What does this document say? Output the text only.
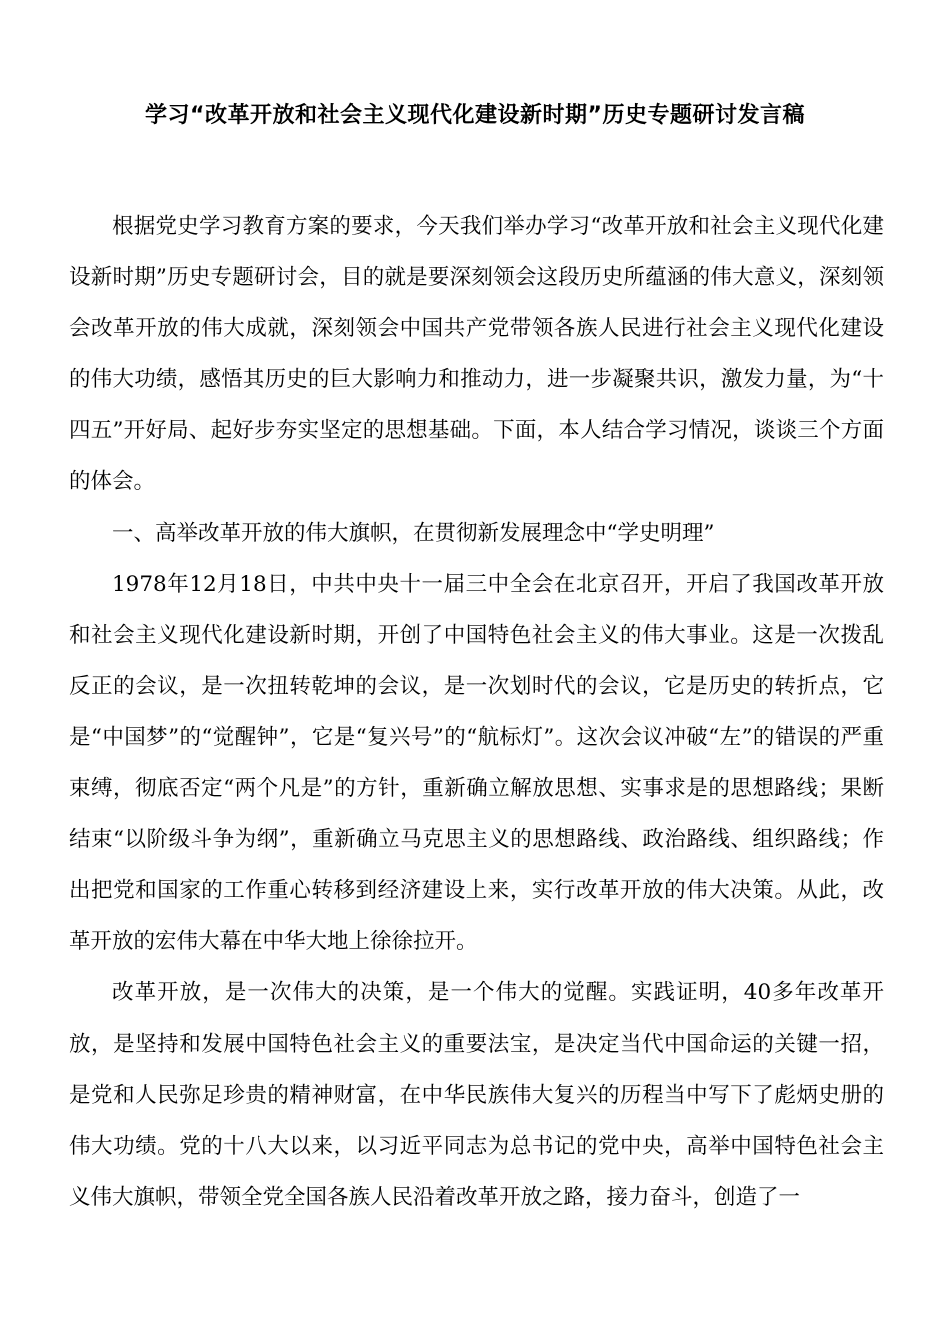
学习“改革开放和社会主义现代化建设新时期”历史专题研讨发言稿

根据党史学习教育方案的要求，今天我们举办学习“改革开放和社会主义现代化建设新时期”历史专题研讨会，目的就是要深刻领会这段历史所蕴涵的伟大意义，深刻领会改革开放的伟大成就，深刻领会中国共产党带领各族人民进行社会主义现代化建设的伟大功绩，感悟其历史的巨大影响力和推动力，进一步凝聚共识，激发力量，为“十四五”开好局、起好步夯实坚定的思想基础。下面，本人结合学习情况，谈谈三个方面的体会。

一、高举改革开放的伟大旗帜，在贯彻新发展理念中“学史明理”

1978年12月18日，中共中央十一届三中全会在北京召开，开启了我国改革开放和社会主义现代化建设新时期，开创了中国特色社会主义的伟大事业。这是一次拨乱反正的会议，是一次扭转乾坤的会议，是一次划时代的会议，它是历史的转折点，它是“中国梦”的“觉醒钟”，它是“复兴号”的“航标灯”。这次会议冲破“左”的错误的严重束缚，彻底否定“两个凡是”的方针，重新确立解放思想、实事求是的思想路线；果断结束“以阶级斗争为纲”，重新确立马克思主义的思想路线、政治路线、组织路线；作出把党和国家的工作重心转移到经济建设上来，实行改革开放的伟大决策。从此，改革开放的宏伟大幕在中华大地上徐徐拉开。

改革开放，是一次伟大的决策，是一个伟大的觉醒。实践证明，40多年改革开放，是坚持和发展中国特色社会主义的重要法宝，是决定当代中国命运的关键一招，是党和人民弥足珍贵的精神财富，在中华民族伟大复兴的历程当中写下了彪炳史册的伟大功绩。党的十八大以来，以习近平同志为总书记的党中央，高举中国特色社会主义伟大旗帜，带领全党全国各族人民沿着改革开放之路，接力奋斗，创造了一
